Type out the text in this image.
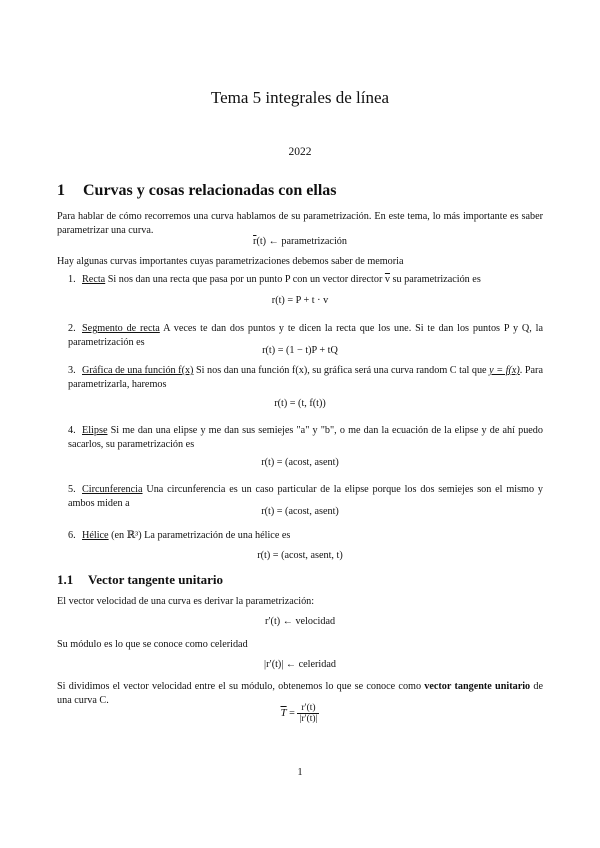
Tema 5 integrales de línea
2022
1 Curvas y cosas relacionadas con ellas
Para hablar de cómo recorremos una curva hablamos de su parametrización. En este tema, lo más importante es saber parametrizar una curva.
$\overline{r}(t)$ ← parametrización
Hay algunas curvas importantes cuyas parametrizaciones debemos saber de memoria
1. Recta Si nos dan una recta que pasa por un punto P con un vector director $\overline{v}$ su parametrización es
r(t) = P + t · v
2. Segmento de recta A veces te dan dos puntos y te dicen la recta que los une. Si te dan los puntos P y Q, la parametrización es
r(t) = (1 − t)P + tQ
3. Gráfica de una función f(x) Si nos dan una función f(x), su gráfica será una curva random C tal que y = f(x). Para parametrizarla, haremos
r(t) = (t, f(t))
4. Elipse Si me dan una elipse y me dan sus semiejes "a" y "b", o me dan la ecuación de la elipse y de ahí puedo sacarlos, su parametrización es
r(t) = (acost, asent)
5. Circunferencia Una circunferencia es un caso particular de la elipse porque los dos semiejes son el mismo y ambos miden a
r(t) = (acost, asent)
6. Hélice (en ℝ³) La parametrización de una hélice es
r(t) = (acost, asent, t)
1.1 Vector tangente unitario
El vector velocidad de una curva es derivar la parametrización:
r′(t) ← velocidad
Su módulo es lo que se conoce como celeridad
|r′(t)| ← celeridad
Si dividimos el vector velocidad entre el su módulo, obtenemos lo que se conoce como vector tangente unitario de una curva C.
$\overline{T} = \frac{r'(t)}{|r'(t)|}$
1
